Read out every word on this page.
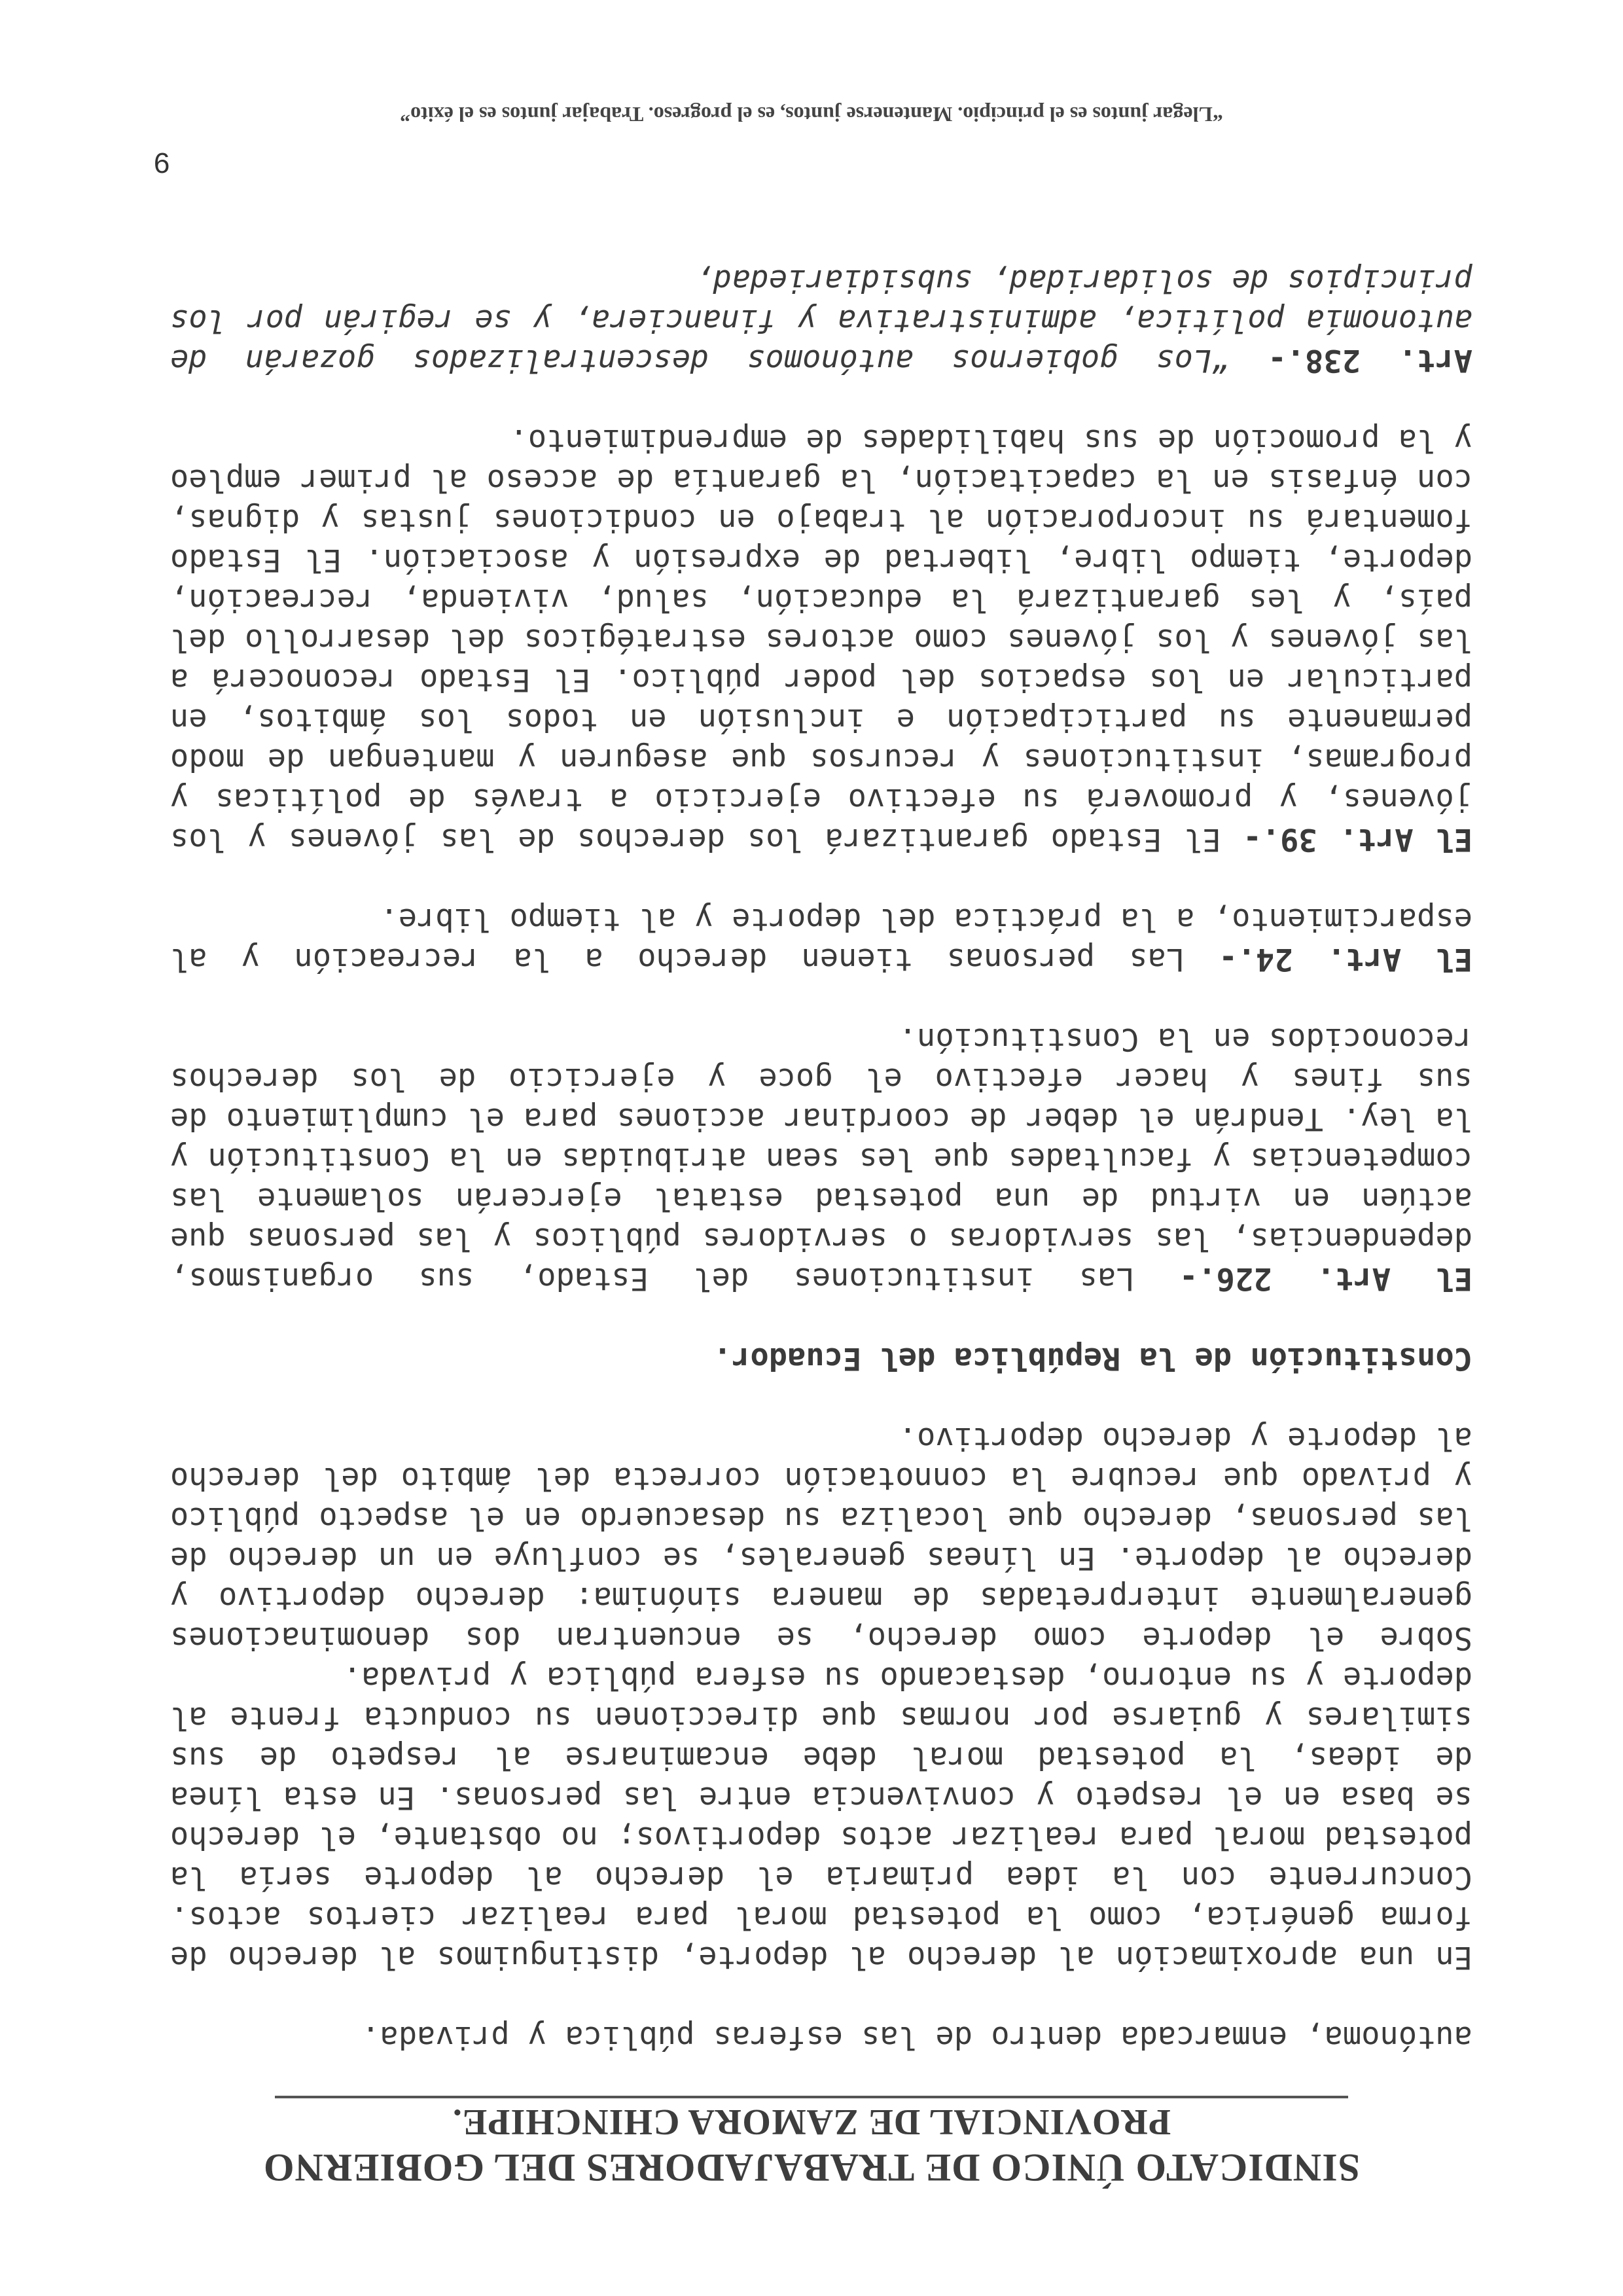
SINDICATO ÚNICO DE TRABAJADORES DEL GOBIERNO
PROVINCIAL DE ZAMORA CHINCHIPE.

autónoma, enmarcada dentro de las esferas pública y privada.

En una aproximación al derecho al deporte, distinguimos al derecho de forma genérica, como la potestad moral para realizar ciertos actos. Concurrente con la idea primaria el derecho al deporte sería la potestad moral para realizar actos deportivos; no obstante, el derecho se basa en el respeto y convivencia entre las personas. En esta línea de ideas, la potestad moral debe encaminarse al respeto de sus similares y guiarse por normas que direccionen su conducta frente al deporte y su entorno, destacando su esfera pública y privada.

Sobre el deporte como derecho, se encuentran dos denominaciones generalmente interpretadas de manera sinónima: derecho deportivo y derecho al deporte. En líneas generales, se confluye en un derecho de las personas, derecho que localiza su desacuerdo en el aspecto público y privado que recubre la connotación correcta del ámbito del derecho al deporte y derecho deportivo.

Constitución de la República del Ecuador.

El Art. 226.- Las instituciones del Estado, sus organismos, dependencias, las servidoras o servidores públicos y las personas que actúen en virtud de una potestad estatal ejercerán solamente las competencias y facultades que les sean atribuidas en la Constitución y la ley. Tendrán el deber de coordinar acciones para el cumplimiento de sus fines y hacer efectivo el goce y ejercicio de los derechos reconocidos en la Constitución.

El Art. 24.- Las personas tienen derecho a la recreación y al esparcimiento, a la práctica del deporte y al tiempo libre.

El Art. 39.- El Estado garantizará los derechos de las jóvenes y los jóvenes, y promoverá su efectivo ejercicio a través de políticas y programas, instituciones y recursos que aseguren y mantengan de modo permanente su participación e inclusión en todos los ámbitos, en particular en los espacios del poder público. El Estado reconocerá a las jóvenes y los jóvenes como actores estratégicos del desarrollo del país, y les garantizará la educación, salud, vivienda, recreación, deporte, tiempo libre, libertad de expresión y asociación. El Estado fomentará su incorporación al trabajo en condiciones justas y dignas, con énfasis en la capacitación, la garantía de acceso al primer empleo y la promoción de sus habilidades de emprendimiento.

Art. 238.- “Los gobiernos autónomos descentralizados gozarán de autonomía política, administrativa y financiera, y se regirán por los principios de solidaridad, subsidiariedad,

9
“Llegar juntos es el principio. Mantenerse juntos, es el progreso. Trabajar juntos es el éxito”
